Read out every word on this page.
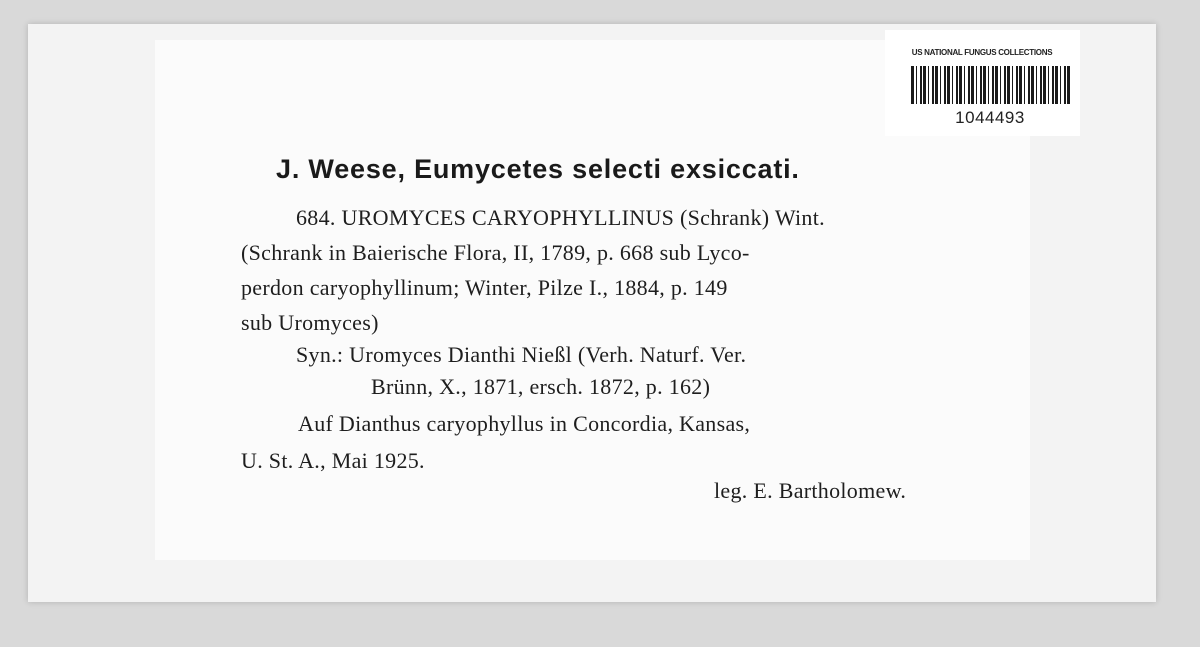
US NATIONAL FUNGUS COLLECTIONS
1044493
J. Weese, Eumycetes selecti exsiccati.
684. UROMYCES CARYOPHYLLINUS (Schrank) Wint.
(Schrank in Baierische Flora, II, 1789, p. 668 sub Lyco-
perdon caryophyllinum; Winter, Pilze I., 1884, p. 149
sub Uromyces)
Syn.: Uromyces Dianthi Nießl (Verh. Naturf. Ver.
Brünn, X., 1871, ersch. 1872, p. 162)
Auf Dianthus caryophyllus in Concordia, Kansas,
U. St. A., Mai 1925.
leg. E. Bartholomew.
